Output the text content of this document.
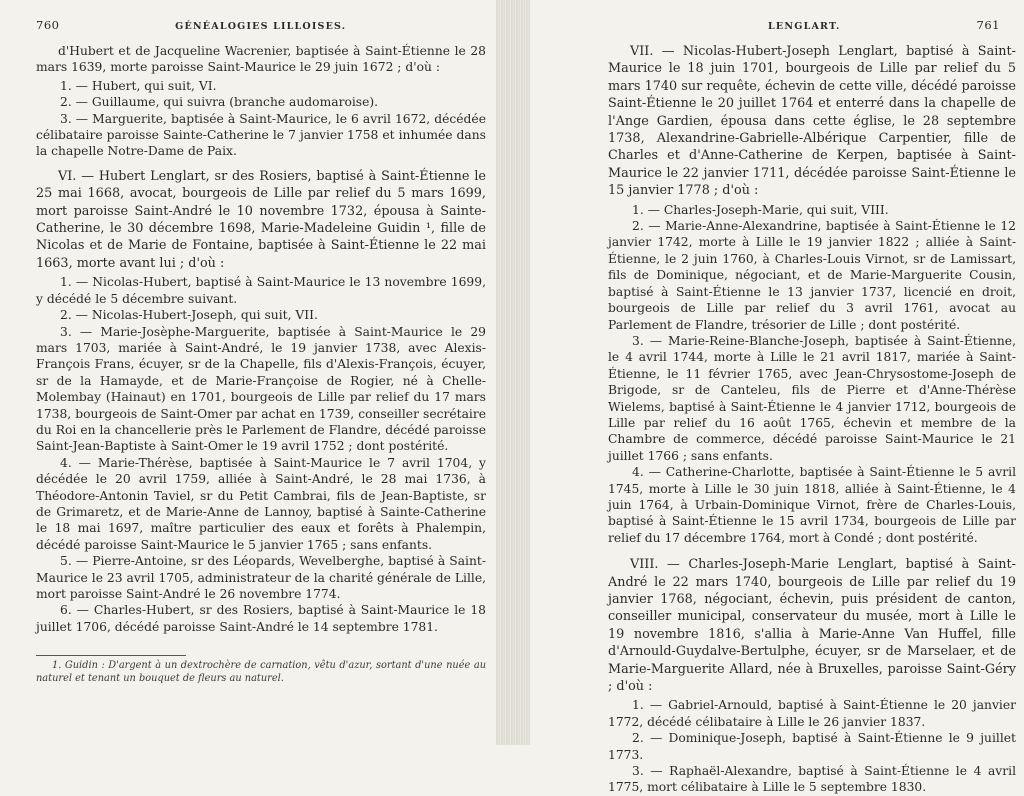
760	GÉNÉALOGIES LILLOISES.

d'Hubert et de Jacqueline Wacrenier, baptisée à Saint-Étienne le 28 mars 1639, morte paroisse Saint-Maurice le 29 juin 1672 ; d'où :

1. — Hubert, qui suit, VI.

2. — Guillaume, qui suivra (branche audomaroise).

3. — Marguerite, baptisée à Saint-Maurice, le 6 avril 1672, décédée célibataire paroisse Sainte-Catherine le 7 janvier 1758 et inhumée dans la chapelle Notre-Dame de Paix.

VI. — Hubert Lenglart, sr des Rosiers, baptisé à Saint-Étienne le 25 mai 1668, avocat, bourgeois de Lille par relief du 5 mars 1699, mort paroisse Saint-André le 10 novembre 1732, épousa à Sainte-Catherine, le 30 décembre 1698, Marie-Madeleine Guidin ¹, fille de Nicolas et de Marie de Fontaine, baptisée à Saint-Étienne le 22 mai 1663, morte avant lui ; d'où :

1. — Nicolas-Hubert, baptisé à Saint-Maurice le 13 novembre 1699, y décédé le 5 décembre suivant.

2. — Nicolas-Hubert-Joseph, qui suit, VII.

3. — Marie-Josèphe-Marguerite, baptisée à Saint-Maurice le 29 mars 1703, mariée à Saint-André, le 19 janvier 1738, avec Alexis-François Frans, écuyer, sr de la Chapelle, fils d'Alexis-François, écuyer, sr de la Hamayde, et de Marie-Françoise de Rogier, né à Chelle-Molembay (Hainaut) en 1701, bourgeois de Lille par relief du 17 mars 1738, bourgeois de Saint-Omer par achat en 1739, conseiller secrétaire du Roi en la chancellerie près le Parlement de Flandre, décédé paroisse Saint-Jean-Baptiste à Saint-Omer le 19 avril 1752 ; dont postérité.

4. — Marie-Thérèse, baptisée à Saint-Maurice le 7 avril 1704, y décédée le 20 avril 1759, alliée à Saint-André, le 28 mai 1736, à Théodore-Antonin Taviel, sr du Petit Cambrai, fils de Jean-Baptiste, sr de Grimaretz, et de Marie-Anne de Lannoy, baptisé à Sainte-Catherine le 18 mai 1697, maître particulier des eaux et forêts à Phalempin, décédé paroisse Saint-Maurice le 5 janvier 1765 ; sans enfants.

5. — Pierre-Antoine, sr des Léopards, Wevelberghe, baptisé à Saint-Maurice le 23 avril 1705, administrateur de la charité générale de Lille, mort paroisse Saint-André le 26 novembre 1774.

6. — Charles-Hubert, sr des Rosiers, baptisé à Saint-Maurice le 18 juillet 1706, décédé paroisse Saint-André le 14 septembre 1781.

1. Guidin : D'argent à un dextrochère de carnation, vêtu d'azur, sortant d'une nuée au naturel et tenant un bouquet de fleurs au naturel.

LENGLART.	761

VII. — Nicolas-Hubert-Joseph Lenglart, baptisé à Saint-Maurice le 18 juin 1701, bourgeois de Lille par relief du 5 mars 1740 sur requête, échevin de cette ville, décédé paroisse Saint-Étienne le 20 juillet 1764 et enterré dans la chapelle de l'Ange Gardien, épousa dans cette église, le 28 septembre 1738, Alexandrine-Gabrielle-Albérique Carpentier, fille de Charles et d'Anne-Catherine de Kerpen, baptisée à Saint-Maurice le 22 janvier 1711, décédée paroisse Saint-Étienne le 15 janvier 1778 ; d'où :

1. — Charles-Joseph-Marie, qui suit, VIII.

2. — Marie-Anne-Alexandrine, baptisée à Saint-Étienne le 12 janvier 1742, morte à Lille le 19 janvier 1822 ; alliée à Saint-Étienne, le 2 juin 1760, à Charles-Louis Virnot, sr de Lamissart, fils de Dominique, négociant, et de Marie-Marguerite Cousin, baptisé à Saint-Étienne le 13 janvier 1737, licencié en droit, bourgeois de Lille par relief du 3 avril 1761, avocat au Parlement de Flandre, trésorier de Lille ; dont postérité.

3. — Marie-Reine-Blanche-Joseph, baptisée à Saint-Étienne, le 4 avril 1744, morte à Lille le 21 avril 1817, mariée à Saint-Étienne, le 11 février 1765, avec Jean-Chrysostome-Joseph de Brigode, sr de Canteleu, fils de Pierre et d'Anne-Thérèse Wielems, baptisé à Saint-Étienne le 4 janvier 1712, bourgeois de Lille par relief du 16 août 1765, échevin et membre de la Chambre de commerce, décédé paroisse Saint-Maurice le 21 juillet 1766 ; sans enfants.

4. — Catherine-Charlotte, baptisée à Saint-Étienne le 5 avril 1745, morte à Lille le 30 juin 1818, alliée à Saint-Étienne, le 4 juin 1764, à Urbain-Dominique Virnot, frère de Charles-Louis, baptisé à Saint-Étienne le 15 avril 1734, bourgeois de Lille par relief du 17 décembre 1764, mort à Condé ; dont postérité.

VIII. — Charles-Joseph-Marie Lenglart, baptisé à Saint-André le 22 mars 1740, bourgeois de Lille par relief du 19 janvier 1768, négociant, échevin, puis président de canton, conseiller municipal, conservateur du musée, mort à Lille le 19 novembre 1816, s'allia à Marie-Anne Van Huffel, fille d'Arnould-Guydalve-Bertulphe, écuyer, sr de Marselaer, et de Marie-Marguerite Allard, née à Bruxelles, paroisse Saint-Géry ; d'où :

1. — Gabriel-Arnould, baptisé à Saint-Étienne le 20 janvier 1772, décédé célibataire à Lille le 26 janvier 1837.

2. — Dominique-Joseph, baptisé à Saint-Étienne le 9 juillet 1773.

3. — Raphaël-Alexandre, baptisé à Saint-Étienne le 4 avril 1775, mort célibataire à Lille le 5 septembre 1830.
